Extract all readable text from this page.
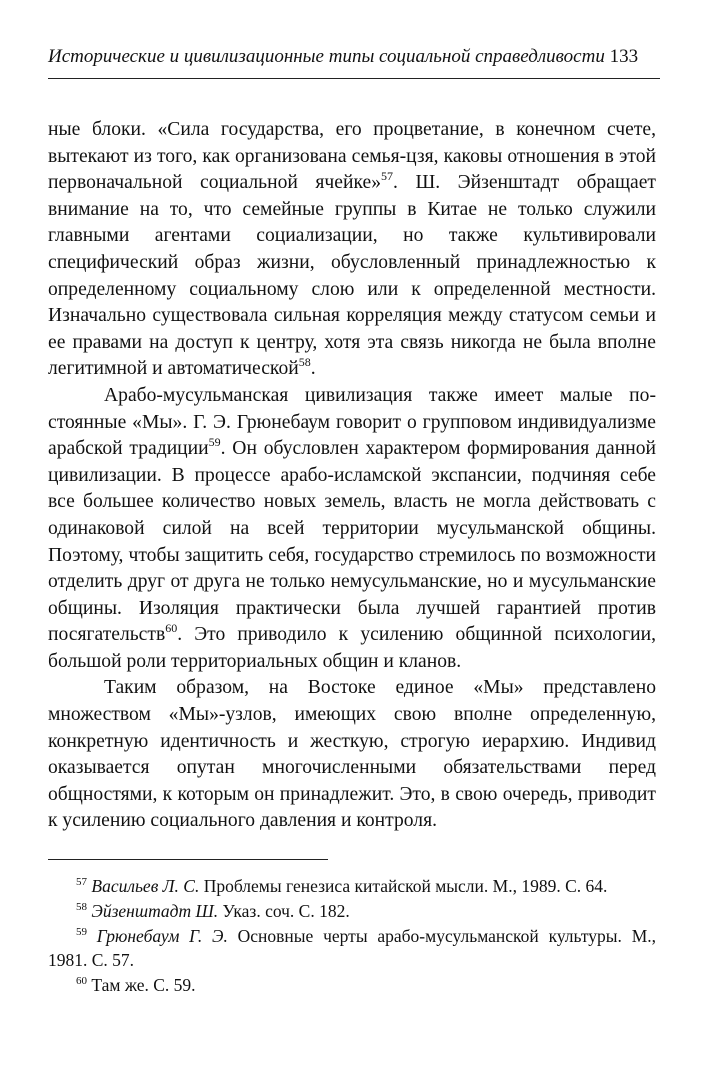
Исторические и цивилизационные типы социальной справедливости 133

ные блоки. «Сила государства, его процветание, в конечном счете, вытекают из того, как организована семья-цзя, каковы отношения в этой первоначальной социальной ячейке»$^{57}$. Ш. Эйзенштадт обращает внимание на то, что семейные группы в Китае не только служили главными агентами социализации, но также культивировали специфический образ жизни, обусловленный принадлежностью к определенному социальному слою или к определенной местности. Изначально существовала сильная корреляция между статусом семьи и ее правами на доступ к центру, хотя эта связь никогда не была вполне легитимной и автоматической$^{58}$.

Арабо-мусульманская цивилизация также имеет малые постоянные «Мы». Г. Э. Грюнебаум говорит о групповом индивидуализме арабской традиции$^{59}$. Он обусловлен характером формирования данной цивилизации. В процессе арабо-исламской экспансии, подчиняя себе все большее количество новых земель, власть не могла действовать с одинаковой силой на всей территории мусульманской общины. Поэтому, чтобы защитить себя, государство стремилось по возможности отделить друг от друга не только немусульманские, но и мусульманские общины. Изоляция практически была лучшей гарантией против посягательств$^{60}$. Это приводило к усилению общинной психологии, большой роли территориальных общин и кланов.

Таким образом, на Востоке единое «Мы» представлено множеством «Мы»-узлов, имеющих свою вполне определенную, конкретную идентичность и жесткую, строгую иерархию. Индивид оказывается опутан многочисленными обязательствами перед общностями, к которым он принадлежит. Это, в свою очередь, приводит к усилению социального давления и контроля.

$^{57}$ Васильев Л. С. Проблемы генезиса китайской мысли. М., 1989. С. 64.

$^{58}$ Эйзенштадт Ш. Указ. соч. С. 182.

$^{59}$ Грюнебаум Г. Э. Основные черты арабо-мусульманской культуры. М., 1981. С. 57.

$^{60}$ Там же. С. 59.
